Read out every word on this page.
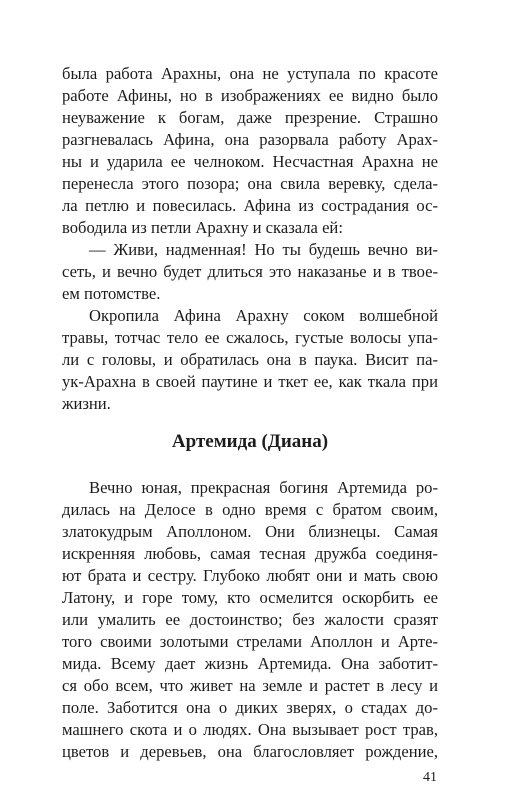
была работа Арахны, она не уступала по красоте
работе Афины, но в изображениях ее видно было
неуважение к богам, даже презрение. Страшно
разгневалась Афина, она разорвала работу Арах-
ны и ударила ее челноком. Несчастная Арахна не
перенесла этого позора; она свила веревку, сдела-
ла петлю и повесилась. Афина из сострадания ос-
вободила из петли Арахну и сказала ей:
— Живи, надменная! Но ты будешь вечно ви-
сеть, и вечно будет длиться это наказанье и в твое-
ем потомстве.
Окропила Афина Арахну соком волшебной
травы, тотчас тело ее сжалось, густые волосы упа-
ли с головы, и обратилась она в паука. Висит па-
ук-Арахна в своей паутине и ткет ее, как ткала при
жизни.
Артемида (Диана)
Вечно юная, прекрасная богиня Артемида ро-
дилась на Делосе в одно время с братом своим,
златокудрым Аполлоном. Они близнецы. Самая
искренняя любовь, самая тесная дружба соединя-
ют брата и сестру. Глубоко любят они и мать свою
Латону, и горе тому, кто осмелится оскорбить ее
или умалить ее достоинство; без жалости сразят
того своими золотыми стрелами Аполлон и Арте-
мида. Всему дает жизнь Артемида. Она заботит-
ся обо всем, что живет на земле и растет в лесу и
поле. Заботится она о диких зверях, о стадах до-
машнего скота и о людях. Она вызывает рост трав,
цветов и деревьев, она благословляет рождение,
41
